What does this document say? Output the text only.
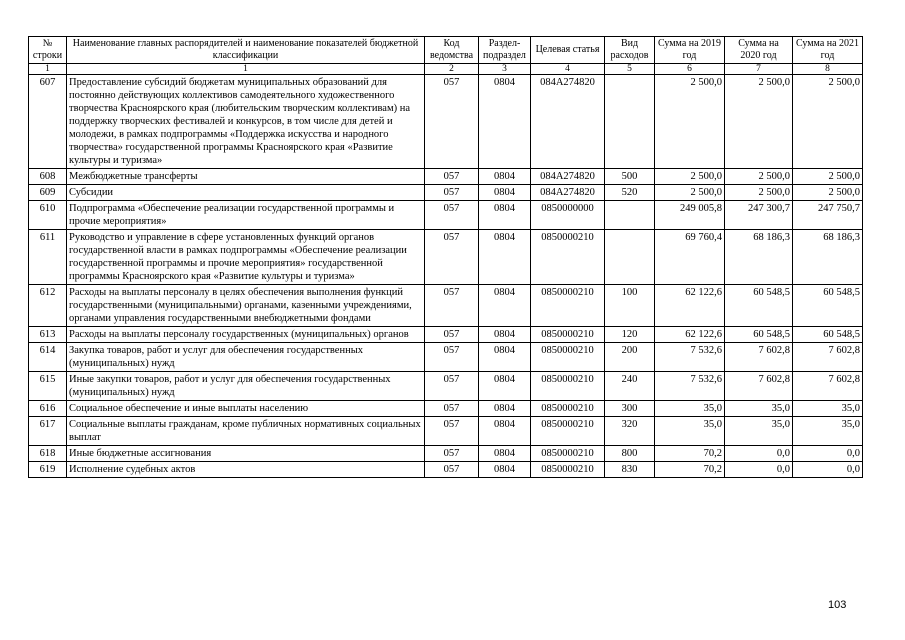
№ строки	Наименование главных распорядителей и наименование показателей бюджетной классификации	Код ведомства	Раздел-подраздел	Целевая статья	Вид расходов	Сумма на 2019 год	Сумма на 2020 год	Сумма на 2021 год
1	1	2	3	4	5	6	7	8
607	Предоставление субсидий бюджетам муниципальных образований для постоянно действующих коллективов самодеятельного художественного творчества Красноярского края (любительским творческим коллективам) на поддержку творческих фестивалей и конкурсов, в том числе для детей и молодежи, в рамках подпрограммы «Поддержка искусства и народного творчества» государственной программы Красноярского края «Развитие культуры и туризма»	057	0804	084A274820		2 500,0	2 500,0	2 500,0
608	Межбюджетные трансферты	057	0804	084A274820	500	2 500,0	2 500,0	2 500,0
609	Субсидии	057	0804	084A274820	520	2 500,0	2 500,0	2 500,0
610	Подпрограмма «Обеспечение реализации государственной программы и прочие мероприятия»	057	0804	0850000000		249 005,8	247 300,7	247 750,7
611	Руководство и управление в сфере установленных функций органов государственной власти в рамках подпрограммы «Обеспечение реализации государственной программы и прочие мероприятия» государственной программы Красноярского края «Развитие культуры и туризма»	057	0804	0850000210		69 760,4	68 186,3	68 186,3
612	Расходы на выплаты персоналу в целях обеспечения выполнения функций государственными (муниципальными) органами, казенными учреждениями, органами управления государственными внебюджетными фондами	057	0804	0850000210	100	62 122,6	60 548,5	60 548,5
613	Расходы на выплаты персоналу государственных (муниципальных) органов	057	0804	0850000210	120	62 122,6	60 548,5	60 548,5
614	Закупка товаров, работ и услуг для обеспечения государственных (муниципальных) нужд	057	0804	0850000210	200	7 532,6	7 602,8	7 602,8
615	Иные закупки товаров, работ и услуг для обеспечения государственных (муниципальных) нужд	057	0804	0850000210	240	7 532,6	7 602,8	7 602,8
616	Социальное обеспечение и иные выплаты населению	057	0804	0850000210	300	35,0	35,0	35,0
617	Социальные выплаты гражданам, кроме публичных нормативных социальных выплат	057	0804	0850000210	320	35,0	35,0	35,0
618	Иные бюджетные ассигнования	057	0804	0850000210	800	70,2	0,0	0,0
619	Исполнение судебных актов	057	0804	0850000210	830	70,2	0,0	0,0
103
